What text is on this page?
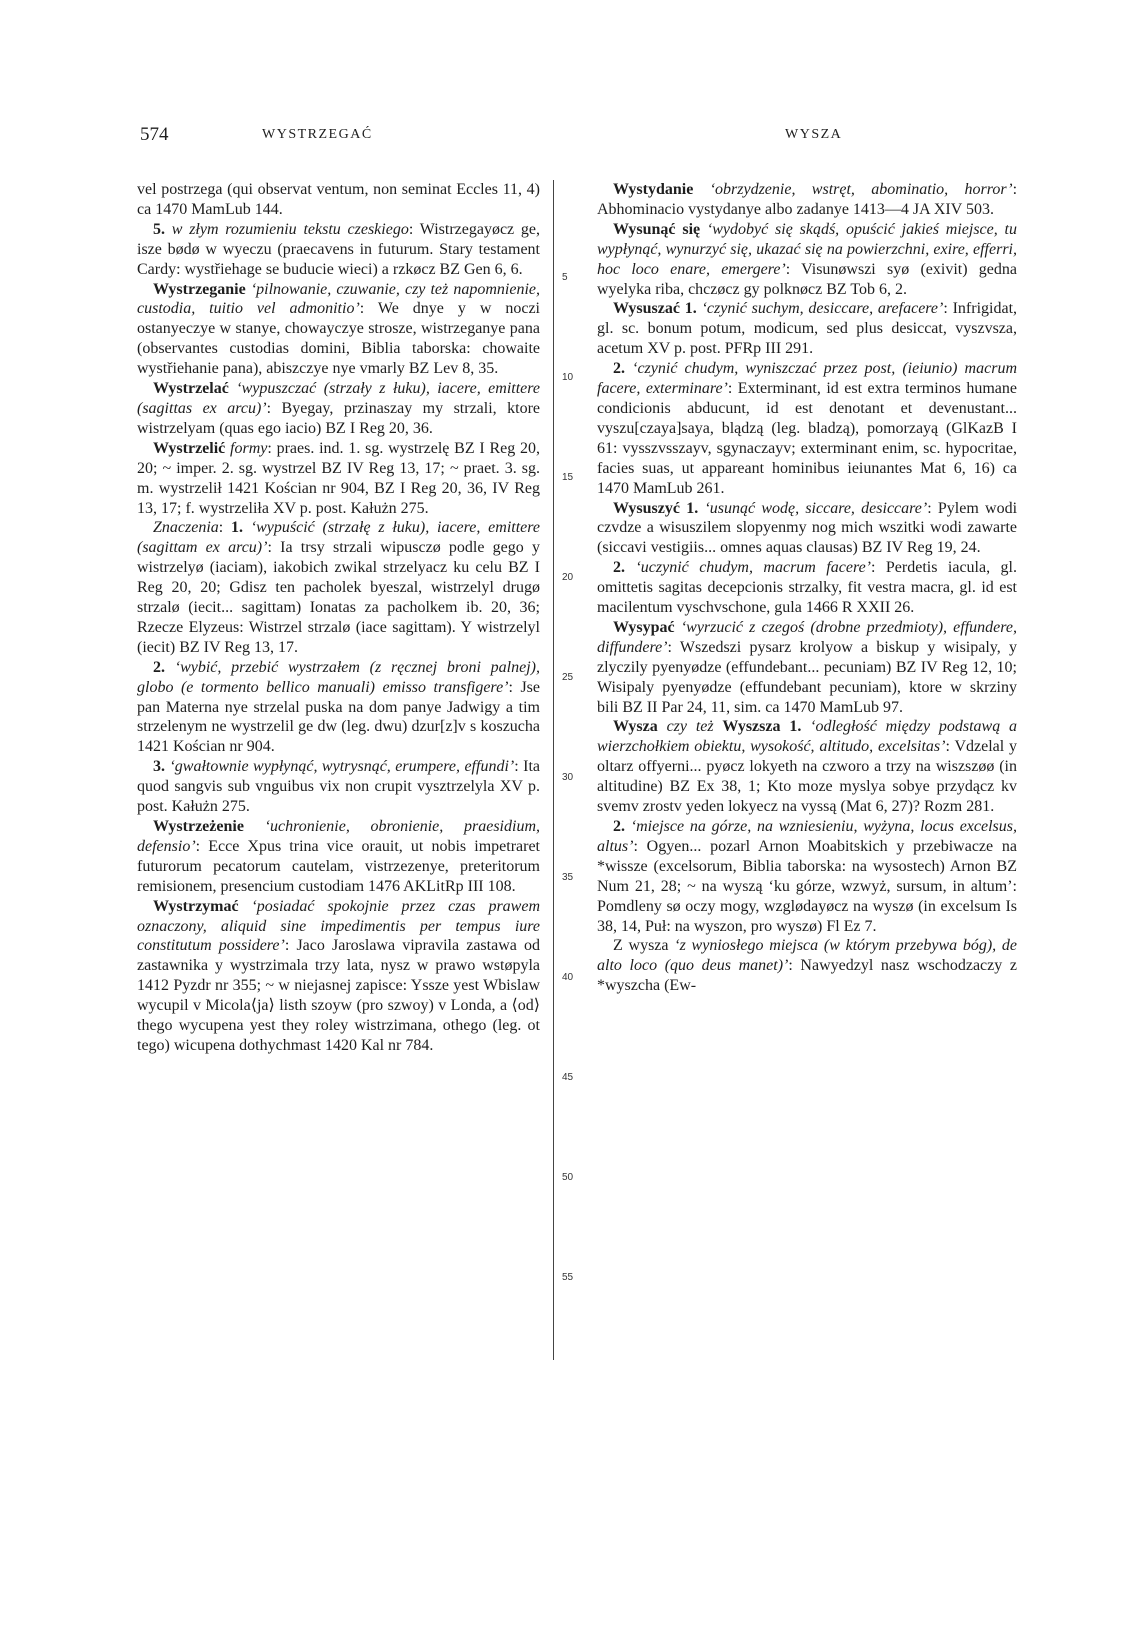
574	WYSTRZEGAĆ	WYSZA

vel postrzega (qui observat ventum, non seminat Eccles 11, 4) ca 1470 MamLub 144.

5. w złym rozumieniu tekstu czeskiego: Wistrzegayøcz ge, isze bødø w wyeczu (praecavens in futurum. Stary testament Cardy: wystřiehage se buducie wieci) a rzkøcz BZ Gen 6, 6.

Wystrzeganie ‘pilnowanie, czuwanie, czy też napomnienie, custodia, tuitio vel admonitio’: We dnye y w noczi ostanyeczye w stanye, chowayczye strosze, wistrzeganye pana (observantes custodias domini, Biblia taborska: chowaite wystřiehanie pana), abiszczye nye vmarly BZ Lev 8, 35.

Wystrzelać ‘wypuszczać (strzały z łuku), iacere, emittere (sagittas ex arcu)’: Byegay, przinaszay my strzali, ktore wistrzelyam (quas ego iacio) BZ I Reg 20, 36.

Wystrzelić formy: praes. ind. 1. sg. wystrzelę BZ I Reg 20, 20; ~ imper. 2. sg. wystrzel BZ IV Reg 13, 17; ~ praet. 3. sg. m. wystrzelił 1421 Kościan nr 904, BZ I Reg 20, 36, IV Reg 13, 17; f. wystrzeliła XV p. post. Kałużn 275.

Znaczenia: 1. ‘wypuścić (strzałę z łuku), iacere, emittere (sagittam ex arcu)’: Ia trsy strzali wipusczø podle gego y wistrzelyø (iaciam), iakobich zwikal strzelyacz ku celu BZ I Reg 20, 20; Gdisz ten pacholek byeszal, wistrzelyl drugø strzalø (iecit... sagittam) Ionatas za pacholkem ib. 20, 36; Rzecze Elyzeus: Wistrzel strzalø (iace sagittam). Y wistrzelyl (iecit) BZ IV Reg 13, 17.

2. ‘wybić, przebić wystrzałem (z ręcznej broni palnej), globo (e tormento bellico manuali) emisso transfigere’: Jse pan Materna nye strzelal puska na dom panye Jadwigy a tim strzelenym ne wystrzelil ge dw (leg. dwu) dzur[z]v s koszucha 1421 Kościan nr 904.

3. ‘gwałtownie wypłynąć, wytrysnąć, erumpere, effundi’: Ita quod sangvis sub vnguibus vix non crupit vysztrzelyla XV p. post. Kałużn 275.

Wystrzeżenie ‘uchronienie, obronienie, praesidium, defensio’: Ecce Xpus trina vice orauit, ut nobis impetraret futurorum pecatorum cautelam, vistrzezenye, preteritorum remisionem, presencium custodiam 1476 AKLitRp III 108.

Wystrzymać ‘posiadać spokojnie przez czas prawem oznaczony, aliquid sine impedimentis per tempus iure constitutum possidere’: Jaco Jaroslawa vipravila zastawa od zastawnika y wystrzimala trzy lata, nysz w prawo wstøpyla 1412 Pyzdr nr 355; ~ w niejasnej zapisce: Yssze yest Wbislaw wycupil v Micola⟨ja⟩ listh szoyw (pro szwoy) v Londa, a ⟨od⟩ thego wycupena yest they roley wistrzimana, othego (leg. ot tego) wicupena dothychmast 1420 Kal nr 784.

5
10
15
20
25
30
35
40
45
50
55

Wystydanie ‘obrzydzenie, wstręt, abominatio, horror’: Abhominacio vystydanye albo zadanye 1413—4 JA XIV 503.

Wysunąć się ‘wydobyć się skądś, opuścić jakieś miejsce, tu wypłynąć, wynurzyć się, ukazać się na powierzchni, exire, efferri, hoc loco enare, emergere’: Visunøwszi syø (exivit) gedna wyelyka riba, chczøcz gy polknøcz BZ Tob 6, 2.

Wysuszać 1. ‘czynić suchym, desiccare, arefacere’: Infrigidat, gl. sc. bonum potum, modicum, sed plus desiccat, vyszvsza, acetum XV p. post. PFRp III 291.

2. ‘czynić chudym, wyniszczać przez post, (ieiunio) macrum facere, exterminare’: Exterminant, id est extra terminos humane condicionis abducunt, id est denotant et devenustant... vyszu[czaya]saya, blądzą (leg. bladzą), pomorzayą (GlKazB I 61: vysszvsszayv, sgynaczayv; exterminant enim, sc. hypocritae, facies suas, ut appareant hominibus ieiunantes Mat 6, 16) ca 1470 MamLub 261.

Wysuszyć 1. ‘usunąć wodę, siccare, desiccare’: Pylem wodi czvdze a wisuszilem slopyenmy nog mich wszitki wodi zawarte (siccavi vestigiis... omnes aquas clausas) BZ IV Reg 19, 24.

2. ‘uczynić chudym, macrum facere’: Perdetis iacula, gl. omittetis sagitas decepcionis strzalky, fit vestra macra, gl. id est macilentum vyschvschone, gula 1466 R XXII 26.

Wysypać ‘wyrzucić z czegoś (drobne przedmioty), effundere, diffundere’: Wszedszi pysarz krolyow a biskup y wisipaly, y zlyczily pyenyødze (effundebant... pecuniam) BZ IV Reg 12, 10; Wisipaly pyenyødze (effundebant pecuniam), ktore w skrziny bili BZ II Par 24, 11, sim. ca 1470 MamLub 97.

Wysza czy też Wyszsza 1. ‘odległość między podstawą a wierzchołkiem obiektu, wysokość, altitudo, excelsitas’: Vdzelal y oltarz offyerni... pyøcz lokyeth na czworo a trzy na wiszszøø (in altitudine) BZ Ex 38, 1; Kto moze myslya sobye przydącz kv svemv zrostv yeden lokyecz na vyssą (Mat 6, 27)? Rozm 281.

2. ‘miejsce na górze, na wzniesieniu, wyżyna, locus excelsus, altus’: Ogyen... pozarl Arnon Moabitskich y przebiwacze na *wissze (excelsorum, Biblia taborska: na wysostech) Arnon BZ Num 21, 28; ~ na wyszą ‘ku górze, wzwyż, sursum, in altum’: Pomdleny sø oczy mogy, wzglødayøcz na wyszø (in excelsum Is 38, 14, Puł: na wyszon, pro wyszø) Fl Ez 7.

Z wysza ‘z wyniosłego miejsca (w którym przebywa bóg), de alto loco (quo deus manet)’: Nawyedzyl nasz wschodzaczy z *wyszcha (Ew-
